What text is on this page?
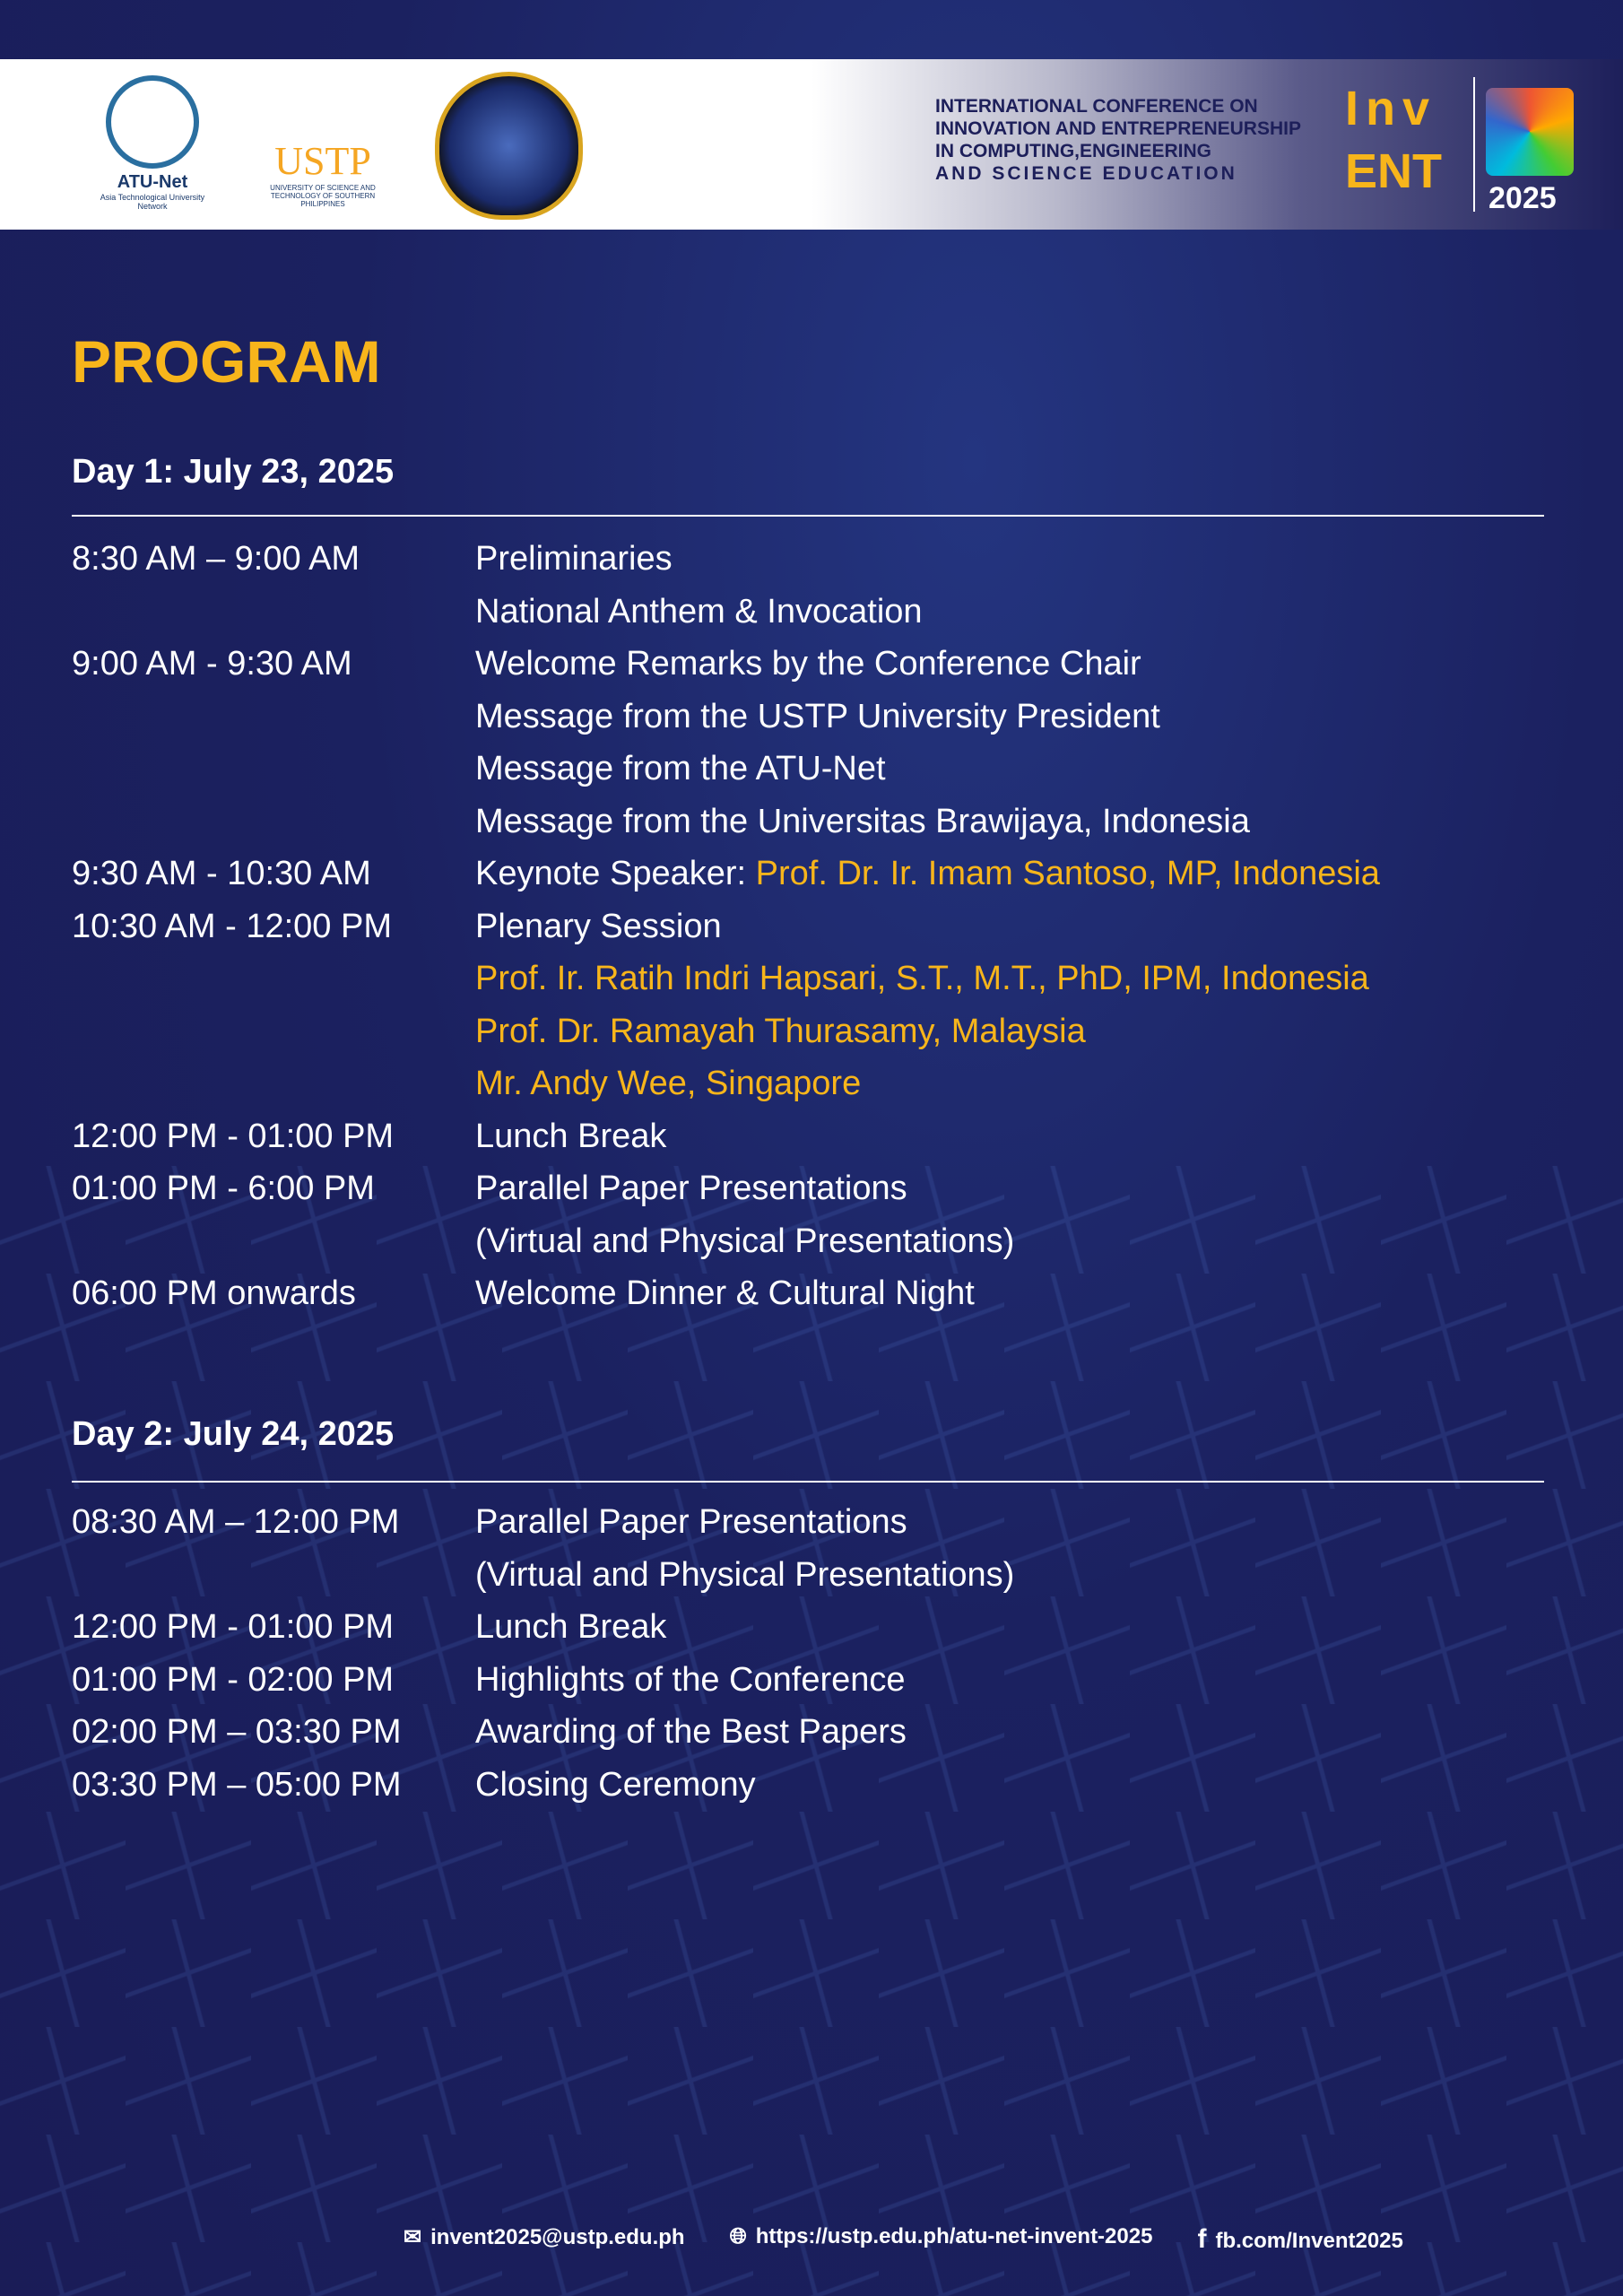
ATU-Net
Asia Technological University Network
USTP
UNIVERSITY OF SCIENCE AND TECHNOLOGY OF SOUTHERN PHILIPPINES
INTERNATIONAL CONFERENCE ON
INNOVATION AND ENTREPRENEURSHIP
IN COMPUTING,ENGINEERING
AND SCIENCE EDUCATION
Inv
ENT 2025
PROGRAM
Day 1: July 23, 2025
8:30 AM – 9:00 AM	Preliminaries
National Anthem & Invocation
9:00 AM - 9:30 AM	Welcome Remarks by the Conference Chair
Message from the USTP University President
Message from the ATU-Net
Message from the Universitas Brawijaya, Indonesia
9:30 AM - 10:30 AM	Keynote Speaker: Prof. Dr. Ir. Imam Santoso, MP, Indonesia
10:30 AM - 12:00 PM	Plenary Session
Prof. Ir. Ratih Indri Hapsari, S.T., M.T., PhD, IPM, Indonesia
Prof. Dr. Ramayah Thurasamy, Malaysia
Mr. Andy Wee, Singapore
12:00 PM - 01:00 PM	Lunch Break
01:00 PM - 6:00 PM	Parallel Paper Presentations
(Virtual and Physical Presentations)
06:00 PM onwards	Welcome Dinner & Cultural Night
Day 2: July 24, 2025
08:30 AM – 12:00 PM	Parallel Paper Presentations
(Virtual and Physical Presentations)
12:00 PM - 01:00 PM	Lunch Break
01:00 PM - 02:00 PM	Highlights of the Conference
02:00 PM – 03:30 PM	Awarding of the Best Papers
03:30 PM – 05:00 PM	Closing Ceremony
✉ invent2025@ustp.edu.ph 🌐︎ https://ustp.edu.ph/atu-net-invent-2025 f fb.com/Invent2025
